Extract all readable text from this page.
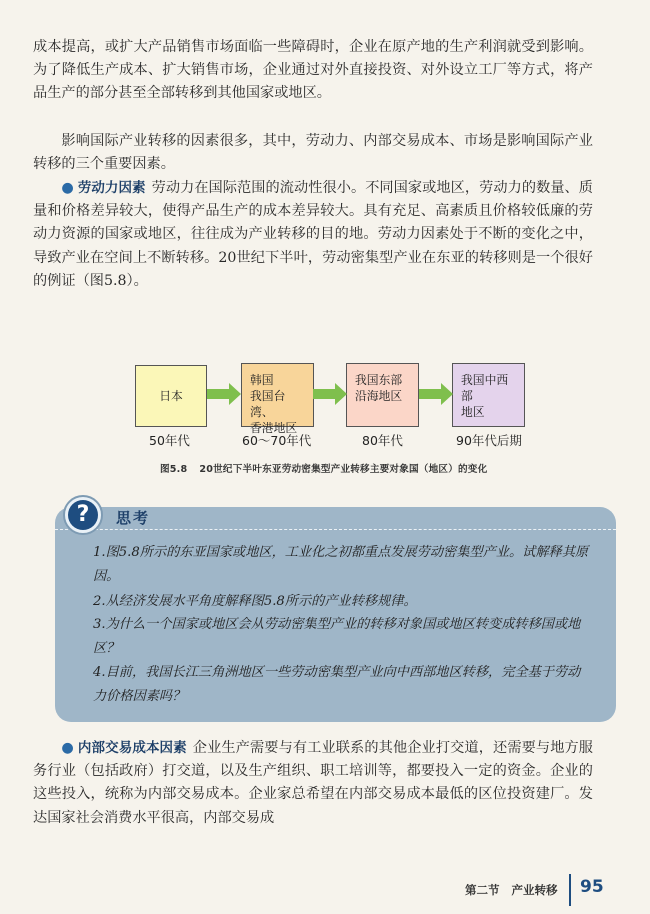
成本提高，或扩大产品销售市场面临一些障碍时，企业在原产地的生产利润就受到影响。为了降低生产成本、扩大销售市场，企业通过对外直接投资、对外设立工厂等方式，将产品生产的部分甚至全部转移到其他国家或地区。

影响国际产业转移的因素很多，其中，劳动力、内部交易成本、市场是影响国际产业转移的三个重要因素。

● 劳动力因素 劳动力在国际范围的流动性很小。不同国家或地区，劳动力的数量、质量和价格差异较大，使得产品生产的成本差异较大。具有充足、高素质且价格较低廉的劳动力资源的国家或地区，往往成为产业转移的目的地。劳动力因素处于不断的变化之中，导致产业在空间上不断转移。20世纪下半叶，劳动密集型产业在东亚的转移则是一个很好的例证（图5.8）。

日本
韩国
我国台湾、
香港地区
我国东部
沿海地区
我国中西部
地区
50年代	60～70年代	80年代	90年代后期
图5.8 20世纪下半叶东亚劳动密集型产业转移主要对象国（地区）的变化
?	思考

1.图5.8所示的东亚国家或地区，工业化之初都重点发展劳动密集型产业。试解释其原因。

2.从经济发展水平角度解释图5.8所示的产业转移规律。

3.为什么一个国家或地区会从劳动密集型产业的转移对象国或地区转变成转移国或地区？

4.目前，我国长江三角洲地区一些劳动密集型产业向中西部地区转移，完全基于劳动力价格因素吗？

● 内部交易成本因素 企业生产需要与有工业联系的其他企业打交道，还需要与地方服务行业（包括政府）打交道，以及生产组织、职工培训等，都要投入一定的资金。企业的这些投入，统称为内部交易成本。企业家总希望在内部交易成本最低的区位投资建厂。发达国家社会消费水平很高，内部交易成

第二节 产业转移 95
